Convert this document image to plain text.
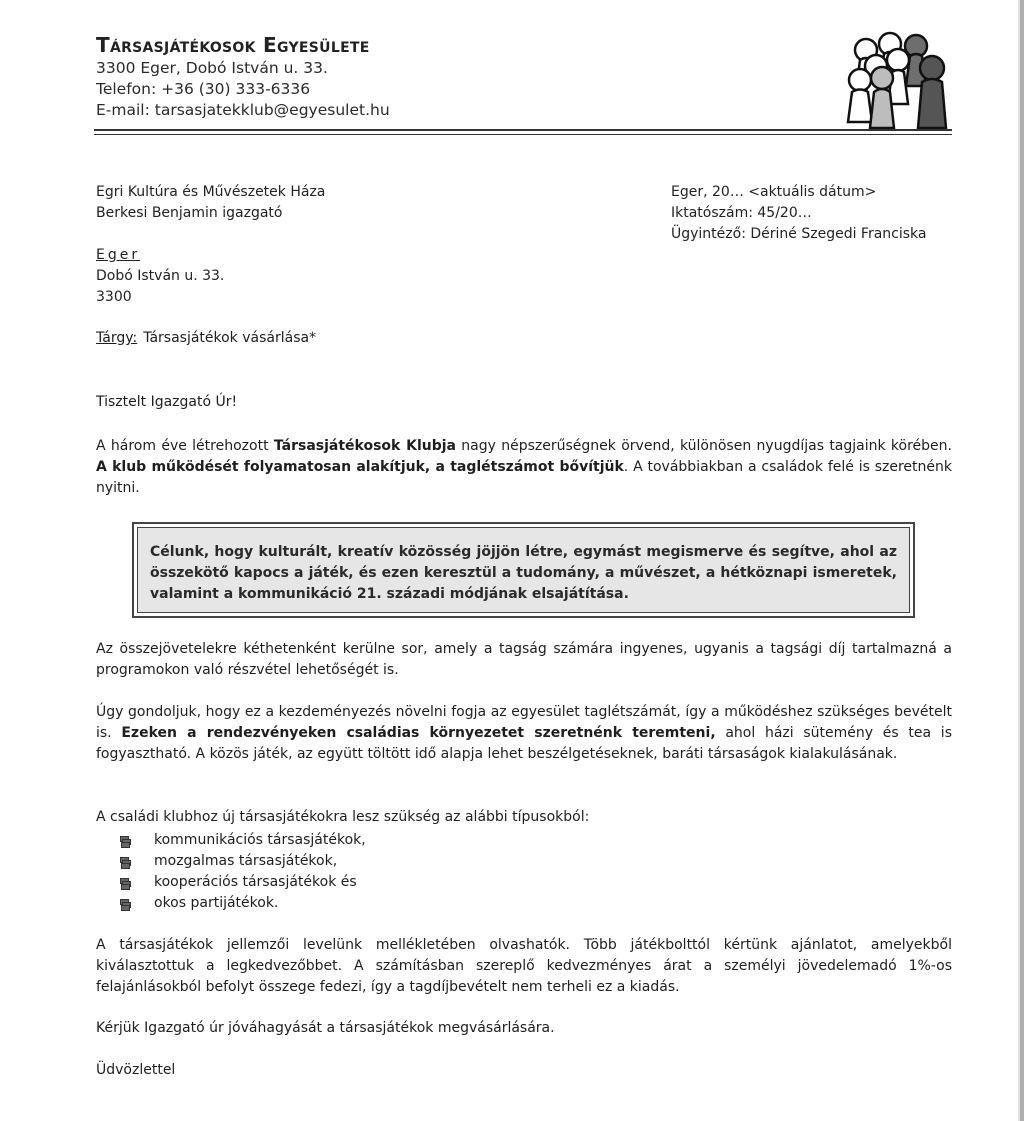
Társasjátékosok Egyesülete
3300 Eger, Dobó István u. 33.
Telefon: +36 (30) 333-6336
E-mail: tarsasjatekklub@egyesulet.hu
Egri Kultúra és Művészetek Háza
Berkesi Benjamin igazgató
Eger
Dobó István u. 33.
3300
Eger, 20… <aktuális dátum>
Iktatószám: 45/20…
Ügyintéző: Dériné Szegedi Franciska
Tárgy: Társasjátékok vásárlása*
Tisztelt Igazgató Úr!
A három éve létrehozott Társasjátékosok Klubja nagy népszerűségnek örvend, különösen nyugdíjas tagjaink körében. A klub működését folyamatosan alakítjuk, a taglétszámot bővítjük. A továbbiakban a családok felé is szeretnénk nyitni.
Célunk, hogy kulturált, kreatív közösség jöjjön létre, egymást megismerve és segítve, ahol az összekötő kapocs a játék, és ezen keresztül a tudomány, a művészet, a hétköznapi ismeretek, valamint a kommunikáció 21. századi módjának elsajátítása.
Az összejövetelekre kéthetenként kerülne sor, amely a tagság számára ingyenes, ugyanis a tagsági díj tartalmazná a programokon való részvétel lehetőségét is.
Úgy gondoljuk, hogy ez a kezdeményezés növelni fogja az egyesület taglétszámát, így a működéshez szükséges bevételt is. Ezeken a rendezvényeken családias környezetet szeretnénk teremteni, ahol házi sütemény és tea is fogyasztható. A közös játék, az együtt töltött idő alapja lehet beszélgetéseknek, baráti társaságok kialakulásának.
A családi klubhoz új társasjátékokra lesz szükség az alábbi típusokból:
kommunikációs társasjátékok,
mozgalmas társasjátékok,
kooperációs társasjátékok és
okos partijátékok.
A társasjátékok jellemzői levelünk mellékletében olvashatók. Több játékbolttól kértünk ajánlatot, amelyekből kiválasztottuk a legkedvezőbbet. A számításban szereplő kedvezményes árat a személyi jövedelemadó 1%-os felajánlásokból befolyt összege fedezi, így a tagdíjbevételt nem terheli ez a kiadás.
Kérjük Igazgató úr jóváhagyását a társasjátékok megvásárlására.
Üdvözlettel
